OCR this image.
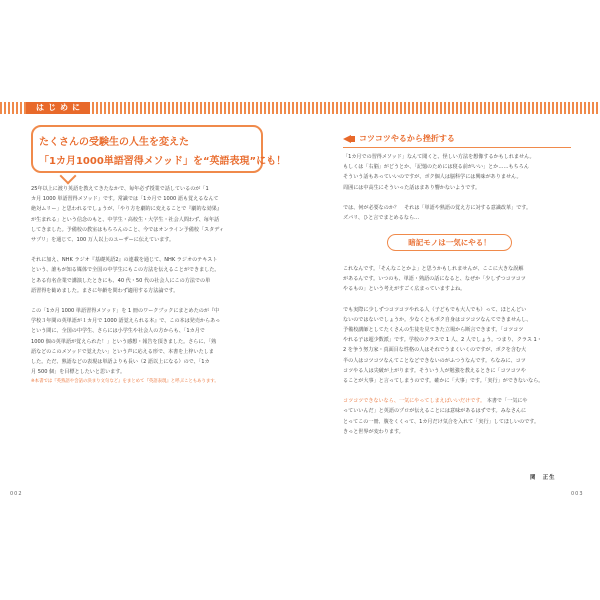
はじめに
たくさんの受験生の人生を変えた
「1カ月1000単語習得メソッド」を“英語表現”にも！

25年以上に渡り英語を教えてきたなかで、毎年必ず授業で話しているのが「1

カ月 1000 単語習得メソッド」です。常識では「1カ月で 1000 語も覚えるなんて

絶対ムリー」と思われるでしょうが、「やり方を劇的に変えることで『劇的な効果』

が生まれる」という信念のもと、中学生・高校生・大学生・社会人問わず、毎年話

してきました。予備校の教室はもちろんのこと、今ではオンライン予備校「スタディ

サプリ」を通じて、100 万人以上のユーザーに伝えています。

それに加え、NHK ラジオ『基礎英語2』の連載を通じて、NHK ラジオのテキスト

という、誰もが知る媒体で全国の中学生にもこの方法を伝えることができました。

とある有名企業で講演したときにも、40 代・50 代の社会人にこの方法での単

語習得を勧めました。まさに年齢を問わず適用する方法論です。

この「1カ月 1000 単語習得メソッド」を 1 冊のワークブックにまとめたのが『中

学校３年間の英単語が１カ月で 1000 語覚えられる本』で、この本は発売からあっ

という間に、全国の中学生、さらには小学生や社会人の方からも、「1カ月で

1000 個の英単語が覚えられた！」という感想・報告を頂きました。さらに、「熟

語などのこのメソッドで覚えたい」という声に応える形で、本書を上梓いたしま

した。ただ、熟語などの表現は単語よりも長い（2 語以上になる）ので、「1カ

月 500 個」を目標としたいと思います。

※本書では『英熟語や会話の決まり文句など』をまとめて『英語表現』と呼ぶこともあります。

002
コツコツやるから挫折する

「1カ月での習得メソッド」なんて聞くと、怪しい方法を想像するかもしれません。

もしくは「右脳」がどうとか、「記憶のためには寝る前がいい」とか……もちろん

そういう話もあっていいのですが、ボク個人は脳科学には興味がありません。

周囲には中高生にそういった話はまあり響かないようです。

では、何が必要なのか？　それは「単語や熟語の覚え方に対する意識改革」です。

ズバリ、ひと言でまとめるなら…

暗記モノは一気にやる！

これなんです。「そんなことかよ」と思うかもしれませんが、ここに大きな誤解

があるんです。いつのも、単語・熟語の話になると、なぜか「少しずつコツコツ

やるもの」という考えがすごく広まっていますよね。

でも実際に少しずつコツコツやれる人（子どもでも大人でも）って、ほとんどい

ないのではないでしょうか。少なくともボク自身はコツコツなんてできませんし、

予備校講師としてたくさんの生徒を見てきた立場から断言できます。「コツコツ

やれる子は超少数派」です。学校のクラスで 1 人、2 人でしょう。つまり、クラス 1・

2 を争う努力家・真面目な性格の人はそれでうまくいくのですが、ボクを含む大

半の人はコツコツなんてことなどできないのがふつうなんです。ちなみに、コツ

コツやる人は尖破が上がります。そういう人が勉強を教えるときに「コツコツや

ることが大事」と言ってしまうのです。確かに「大事」です。「実行」ができないなら。

コツコツできないなら、一気にやってしまえばいいだけです。 本書で「一気にや

っていいんだ」と英語のプロが伝えることには意味があるはずです。みなさんに

とってこの一冊、腹をくくって、1カ月だけ気合を入れて「実行」してほしいのです。

きっと世界が変わります。

関　正生
003
